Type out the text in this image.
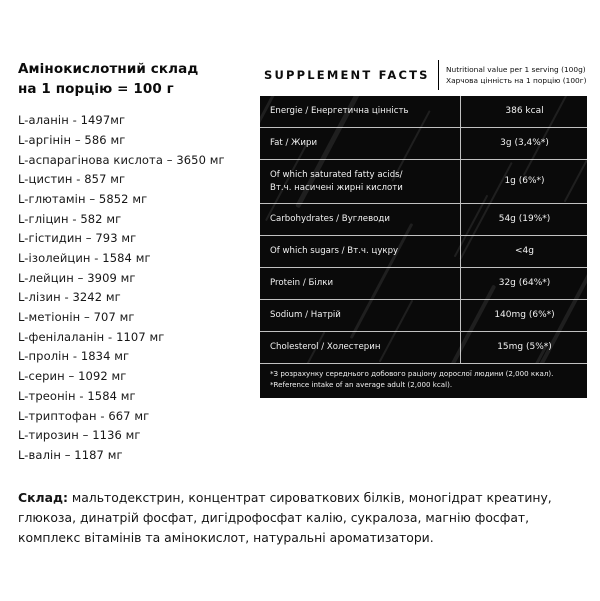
Амінокислотний склад
на 1 порцію = 100 г
L-аланін - 1497мг
L-аргінін – 586 мг
L-аспарагінова кислота – 3650 мг
L-цистин - 857 мг
L-глютамін – 5852 мг
L-гліцин - 582 мг
L-гістидин – 793 мг
L-ізолейцин - 1584 мг
L-лейцин – 3909 мг
L-лізин - 3242 мг
L-метіонін – 707 мг
L-фенілаланін - 1107 мг
L-пролін - 1834 мг
L-серин – 1092 мг
L-треонін - 1584 мг
L-триптофан - 667 мг
L-тирозин – 1136 мг
L-валін – 1187 мг
SUPPLEMENT FACTS	Nutritional value per 1 serving (100g)
Харчова цінність на 1 порцію (100г)
Energie / Енергетична цінність	386 kcal

Fat / Жири	3g (3,4%*)

Of which saturated fatty acids/
Вт.ч. насичені жирні кислоти	1g (6%*)

Carbohydrates / Вуглеводи	54g (19%*)

Of which sugars / Вт.ч. цукру	<4g

Protein / Білки	32g (64%*)

Sodium / Натрій	140mg (6%*)

Cholesterol / Холестерин	15mg (5%*)
*З розрахунку середнього добового раціону дорослої людини (2,000 ккал).
*Reference intake of an average adult (2,000 kcal).
Склад: мальтодекстрин, концентрат сироваткових білків, моногідрат креатину, глюкоза, динатрій фосфат, дигідрофосфат калію, сукралоза, магнію фосфат, комплекс вітамінів та амінокислот, натуральні ароматизатори.
